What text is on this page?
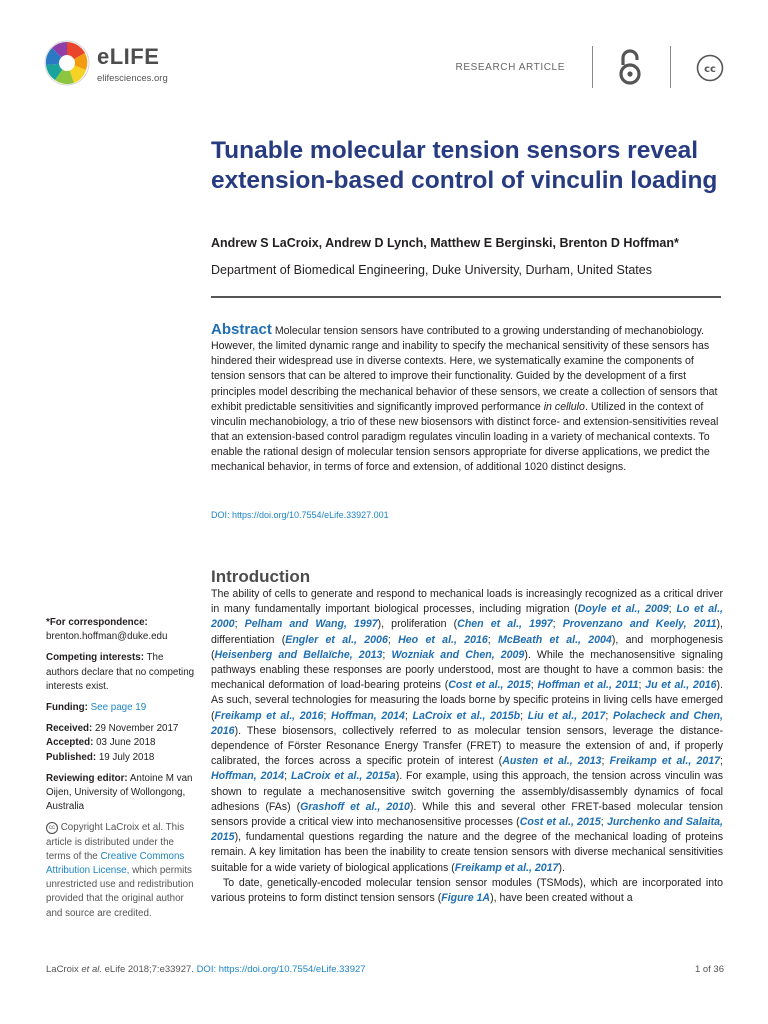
eLIFE
elifesciences.org
RESEARCH ARTICLE	cc
Tunable molecular tension sensors reveal extension-based control of vinculin loading
Andrew S LaCroix, Andrew D Lynch, Matthew E Berginski, Brenton D Hoffman*
Department of Biomedical Engineering, Duke University, Durham, United States
Abstract Molecular tension sensors have contributed to a growing understanding of mechanobiology. However, the limited dynamic range and inability to specify the mechanical sensitivity of these sensors has hindered their widespread use in diverse contexts. Here, we systematically examine the components of tension sensors that can be altered to improve their functionality. Guided by the development of a first principles model describing the mechanical behavior of these sensors, we create a collection of sensors that exhibit predictable sensitivities and significantly improved performance in cellulo. Utilized in the context of vinculin mechanobiology, a trio of these new biosensors with distinct force- and extension-sensitivities reveal that an extension-based control paradigm regulates vinculin loading in a variety of mechanical contexts. To enable the rational design of molecular tension sensors appropriate for diverse applications, we predict the mechanical behavior, in terms of force and extension, of additional 1020 distinct designs.
DOI: https://doi.org/10.7554/eLife.33927.001
Introduction

The ability of cells to generate and respond to mechanical loads is increasingly recognized as a critical driver in many fundamentally important biological processes, including migration (Doyle et al., 2009; Lo et al., 2000; Pelham and Wang, 1997), proliferation (Chen et al., 1997; Provenzano and Keely, 2011), differentiation (Engler et al., 2006; Heo et al., 2016; McBeath et al., 2004), and morphogenesis (Heisenberg and Bellaïche, 2013; Wozniak and Chen, 2009). While the mechanosensitive signaling pathways enabling these responses are poorly understood, most are thought to have a common basis: the mechanical deformation of load-bearing proteins (Cost et al., 2015; Hoffman et al., 2011; Ju et al., 2016). As such, several technologies for measuring the loads borne by specific proteins in living cells have emerged (Freikamp et al., 2016; Hoffman, 2014; LaCroix et al., 2015b; Liu et al., 2017; Polacheck and Chen, 2016). These biosensors, collectively referred to as molecular tension sensors, leverage the distance-dependence of Förster Resonance Energy Transfer (FRET) to measure the extension of and, if properly calibrated, the forces across a specific protein of interest (Austen et al., 2013; Freikamp et al., 2017; Hoffman, 2014; LaCroix et al., 2015a). For example, using this approach, the tension across vinculin was shown to regulate a mechanosensitive switch governing the assembly/disassembly dynamics of focal adhesions (FAs) (Grashoff et al., 2010). While this and several other FRET-based molecular tension sensors provide a critical view into mechanosensitive processes (Cost et al., 2015; Jurchenko and Salaita, 2015), fundamental questions regarding the nature and the degree of the mechanical loading of proteins remain. A key limitation has been the inability to create tension sensors with diverse mechanical sensitivities suitable for a wide variety of biological applications (Freikamp et al., 2017).

To date, genetically-encoded molecular tension sensor modules (TSMods), which are incorporated into various proteins to form distinct tension sensors (Figure 1A), have been created without a

*For correspondence:
brenton.hoffman@duke.edu
Competing interests: The authors declare that no competing interests exist.
Funding: See page 19
Received: 29 November 2017
Accepted: 03 June 2018
Published: 19 July 2018
Reviewing editor: Antoine M van Oijen, University of Wollongong, Australia
cc Copyright LaCroix et al. This article is distributed under the terms of the Creative Commons Attribution License, which permits unrestricted use and redistribution provided that the original author and source are credited.
LaCroix et al. eLife 2018;7:e33927. DOI: https://doi.org/10.7554/eLife.33927	1 of 36
